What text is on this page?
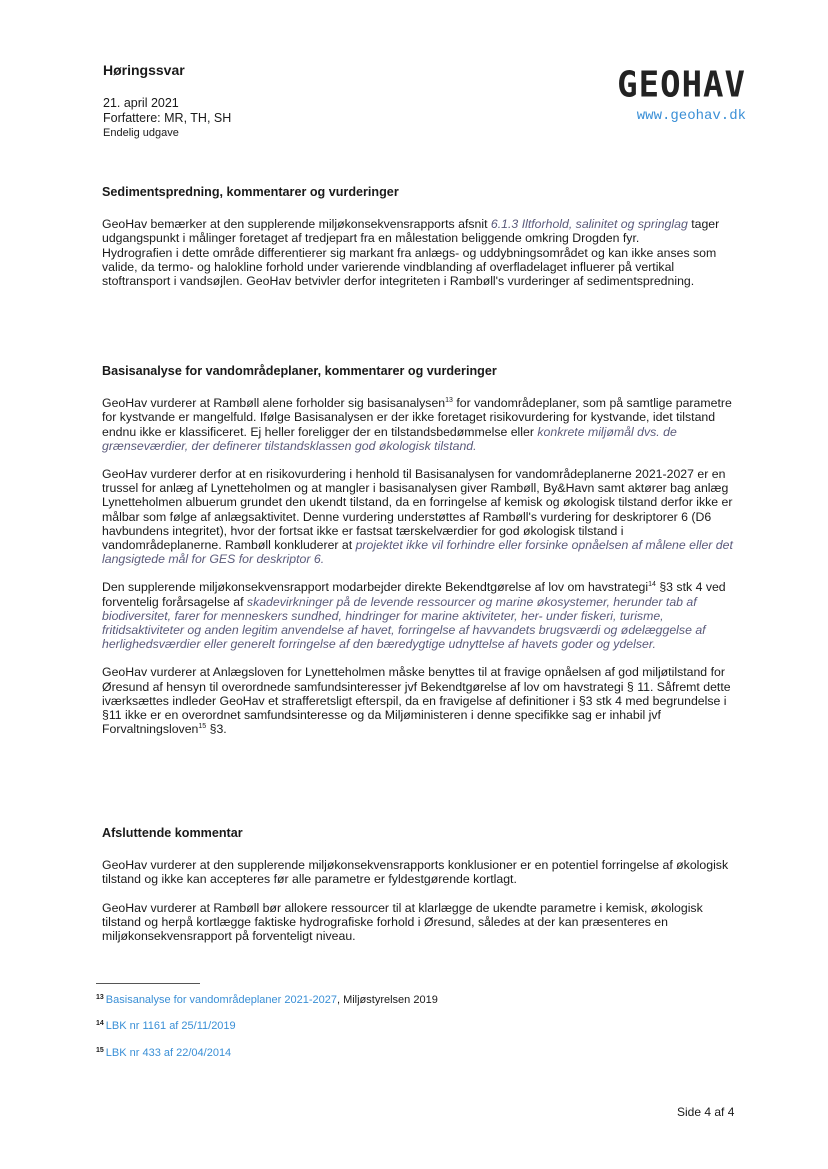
Høringssvar
21. april 2021
Forfattere: MR, TH, SH
Endelig udgave
GEOHAV
www.geohav.dk

Sedimentspredning, kommentarer og vurderinger

GeoHav bemærker at den supplerende miljøkonsekvensrapports afsnit 6.1.3 Iltforhold, salinitet og springlag tager udgangspunkt i målinger foretaget af tredjepart fra en målestation beliggende omkring Drogden fyr.

Hydrografien i dette område differentierer sig markant fra anlægs- og uddybningsområdet og kan ikke anses som valide, da termo- og halokline forhold under varierende vindblanding af overfladelaget influerer på vertikal stoftransport i vandsøjlen. GeoHav betvivler derfor integriteten i Rambøll's vurderinger af sedimentspredning.

Basisanalyse for vandområdeplaner, kommentarer og vurderinger

GeoHav vurderer at Rambøll alene forholder sig basisanalysen$^{13}$ for vandområdeplaner, som på samtlige parametre for kystvande er mangelfuld. Ifølge Basisanalysen er der ikke foretaget risikovurdering for kystvande, idet tilstand endnu ikke er klassificeret. Ej heller foreligger der en tilstandsbedømmelse eller konkrete miljømål dvs. de grænseværdier, der definerer tilstandsklassen god økologisk tilstand.

GeoHav vurderer derfor at en risikovurdering i henhold til Basisanalysen for vandområdeplanerne 2021-2027 er en trussel for anlæg af Lynetteholmen og at mangler i basisanalysen giver Rambøll, By&Havn samt aktører bag anlæg Lynetteholmen albuerum grundet den ukendt tilstand, da en forringelse af kemisk og økologisk tilstand derfor ikke er målbar som følge af anlægsaktivitet. Denne vurdering understøttes af Rambøll's vurdering for deskriptorer 6 (D6 havbundens integritet), hvor der fortsat ikke er fastsat tærskelværdier for god økologisk tilstand i vandområdeplanerne. Rambøll konkluderer at projektet ikke vil forhindre eller forsinke opnåelsen af målene eller det langsigtede mål for GES for deskriptor 6.

Den supplerende miljøkonsekvensrapport modarbejder direkte Bekendtgørelse af lov om havstrategi$^{14}$ §3 stk 4 ved forventelig forårsagelse af skadevirkninger på de levende ressourcer og marine økosystemer, herunder tab af biodiversitet, farer for menneskers sundhed, hindringer for marine aktiviteter, her- under fiskeri, turisme, fritidsaktiviteter og anden legitim anvendelse af havet, forringelse af havvandets brugsværdi og ødelæggelse af herlighedsværdier eller generelt forringelse af den bæredygtige udnyttelse af havets goder og ydelser.

GeoHav vurderer at Anlægsloven for Lynetteholmen måske benyttes til at fravige opnåelsen af god miljøtilstand for Øresund af hensyn til overordnede samfundsinteresser jvf Bekendtgørelse af lov om havstrategi § 11. Såfremt dette iværksættes indleder GeoHav et strafferetsligt efterspil, da en fravigelse af definitioner i §3 stk 4 med begrundelse i §11 ikke er en overordnet samfundsinteresse og da Miljøministeren i denne specifikke sag er inhabil jvf Forvaltningsloven$^{15}$ §3.

Afsluttende kommentar

GeoHav vurderer at den supplerende miljøkonsekvensrapports konklusioner er en potentiel forringelse af økologisk tilstand og ikke kan accepteres før alle parametre er fyldestgørende kortlagt.

GeoHav vurderer at Rambøll bør allokere ressourcer til at klarlægge de ukendte parametre i kemisk, økologisk tilstand og herpå kortlægge faktiske hydrografiske forhold i Øresund, således at der kan præsenteres en miljøkonsekvensrapport på forventeligt niveau.

$^{13}$ Basisanalyse for vandområdeplaner 2021-2027, Miljøstyrelsen 2019
$^{14}$ LBK nr 1161 af 25/11/2019
$^{15}$ LBK nr 433 af 22/04/2014
Side 4 af 4
